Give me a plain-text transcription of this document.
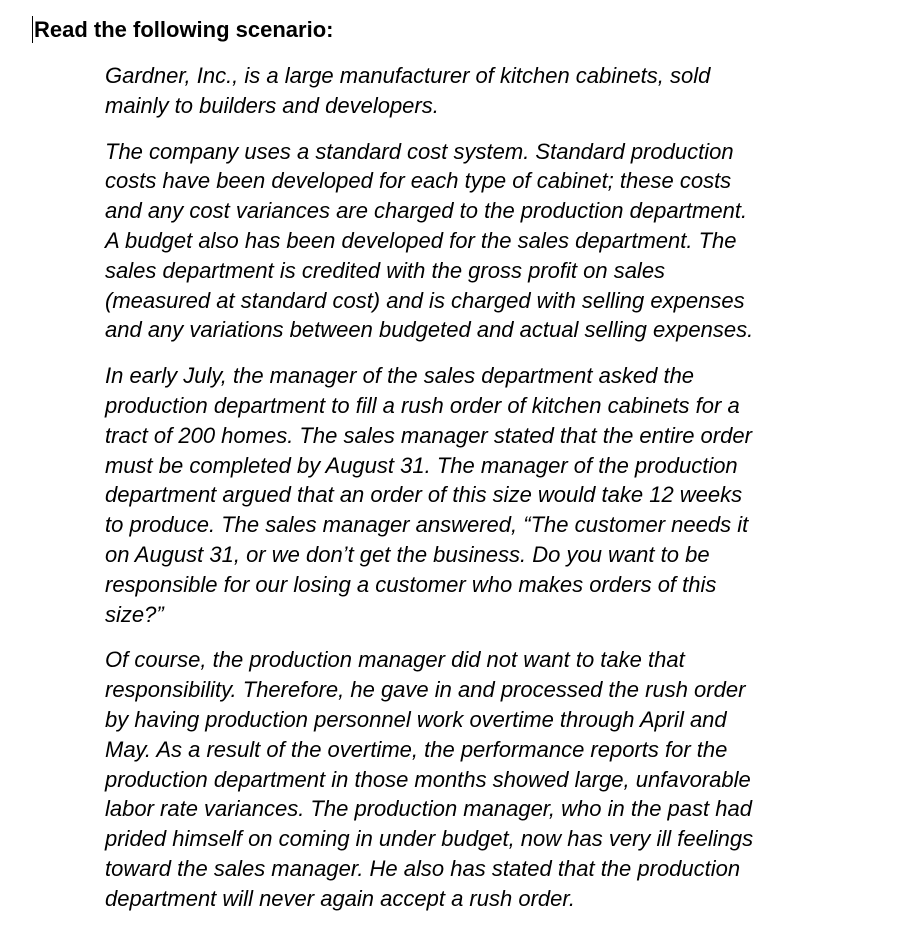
Read the following scenario:

Gardner, Inc., is a large manufacturer of kitchen cabinets, sold
mainly to builders and developers.

The company uses a standard cost system. Standard production
costs have been developed for each type of cabinet; these costs
and any cost variances are charged to the production department.
A budget also has been developed for the sales department. The
sales department is credited with the gross profit on sales
(measured at standard cost) and is charged with selling expenses
and any variations between budgeted and actual selling expenses.

In early July, the manager of the sales department asked the
production department to fill a rush order of kitchen cabinets for a
tract of 200 homes. The sales manager stated that the entire order
must be completed by August 31. The manager of the production
department argued that an order of this size would take 12 weeks
to produce. The sales manager answered, “The customer needs it
on August 31, or we don’t get the business. Do you want to be
responsible for our losing a customer who makes orders of this
size?”

Of course, the production manager did not want to take that
responsibility. Therefore, he gave in and processed the rush order
by having production personnel work overtime through April and
May. As a result of the overtime, the performance reports for the
production department in those months showed large, unfavorable
labor rate variances. The production manager, who in the past had
prided himself on coming in under budget, now has very ill feelings
toward the sales manager. He also has stated that the production
department will never again accept a rush order.
